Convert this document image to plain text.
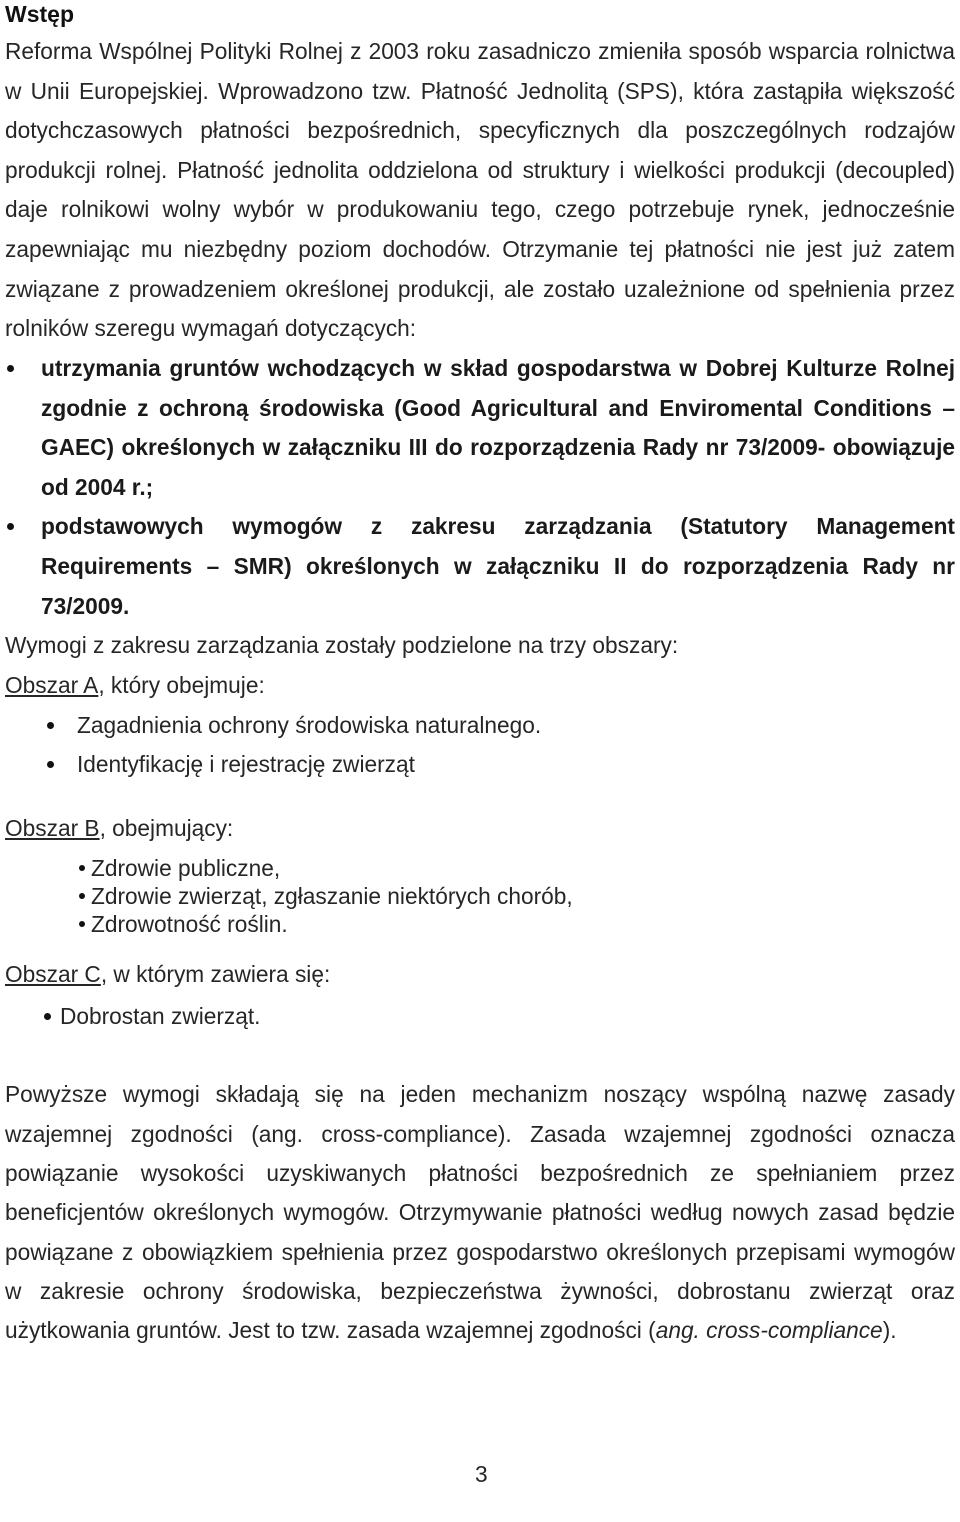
Wstęp
Reforma Wspólnej Polityki Rolnej z 2003 roku zasadniczo zmieniła sposób wsparcia rolnictwa
w Unii Europejskiej. Wprowadzono tzw. Płatność Jednolitą (SPS), która zastąpiła większość
dotychczasowych płatności bezpośrednich, specyficznych dla poszczególnych rodzajów
produkcji rolnej. Płatność jednolita oddzielona od struktury i wielkości produkcji (decoupled)
daje rolnikowi wolny wybór w produkowaniu tego, czego potrzebuje rynek, jednocześnie
zapewniając mu niezbędny poziom dochodów. Otrzymanie tej płatności nie jest już zatem
związane z prowadzeniem określonej produkcji, ale zostało uzależnione od spełnienia przez
rolników szeregu wymagań dotyczących:
utrzymania gruntów wchodzących w skład gospodarstwa w Dobrej Kulturze Rolnej
zgodnie z ochroną środowiska (Good Agricultural and Enviromental Conditions –
GAEC) określonych w załączniku III do rozporządzenia Rady nr 73/2009- obowiązuje
od 2004 r.;
podstawowych wymogów z zakresu zarządzania (Statutory Management
Requirements – SMR) określonych w załączniku II do rozporządzenia Rady nr
73/2009.
Wymogi z zakresu zarządzania zostały podzielone na trzy obszary:
Obszar A, który obejmuje:
Zagadnienia ochrony środowiska naturalnego.
Identyfikację i rejestrację zwierząt
Obszar B, obejmujący:
Zdrowie publiczne,
Zdrowie zwierząt, zgłaszanie niektórych chorób,
Zdrowotność roślin.
Obszar C, w którym zawiera się:
Dobrostan zwierząt.
Powyższe wymogi składają się na jeden mechanizm noszący wspólną nazwę zasady
wzajemnej zgodności (ang. cross-compliance). Zasada wzajemnej zgodności oznacza
powiązanie wysokości uzyskiwanych płatności bezpośrednich ze spełnianiem przez
beneficjentów określonych wymogów. Otrzymywanie płatności według nowych zasad będzie
powiązane z obowiązkiem spełnienia przez gospodarstwo określonych przepisami wymogów
w zakresie ochrony środowiska, bezpieczeństwa żywności, dobrostanu zwierząt oraz
użytkowania gruntów. Jest to tzw. zasada wzajemnej zgodności (ang. cross-compliance).
3
